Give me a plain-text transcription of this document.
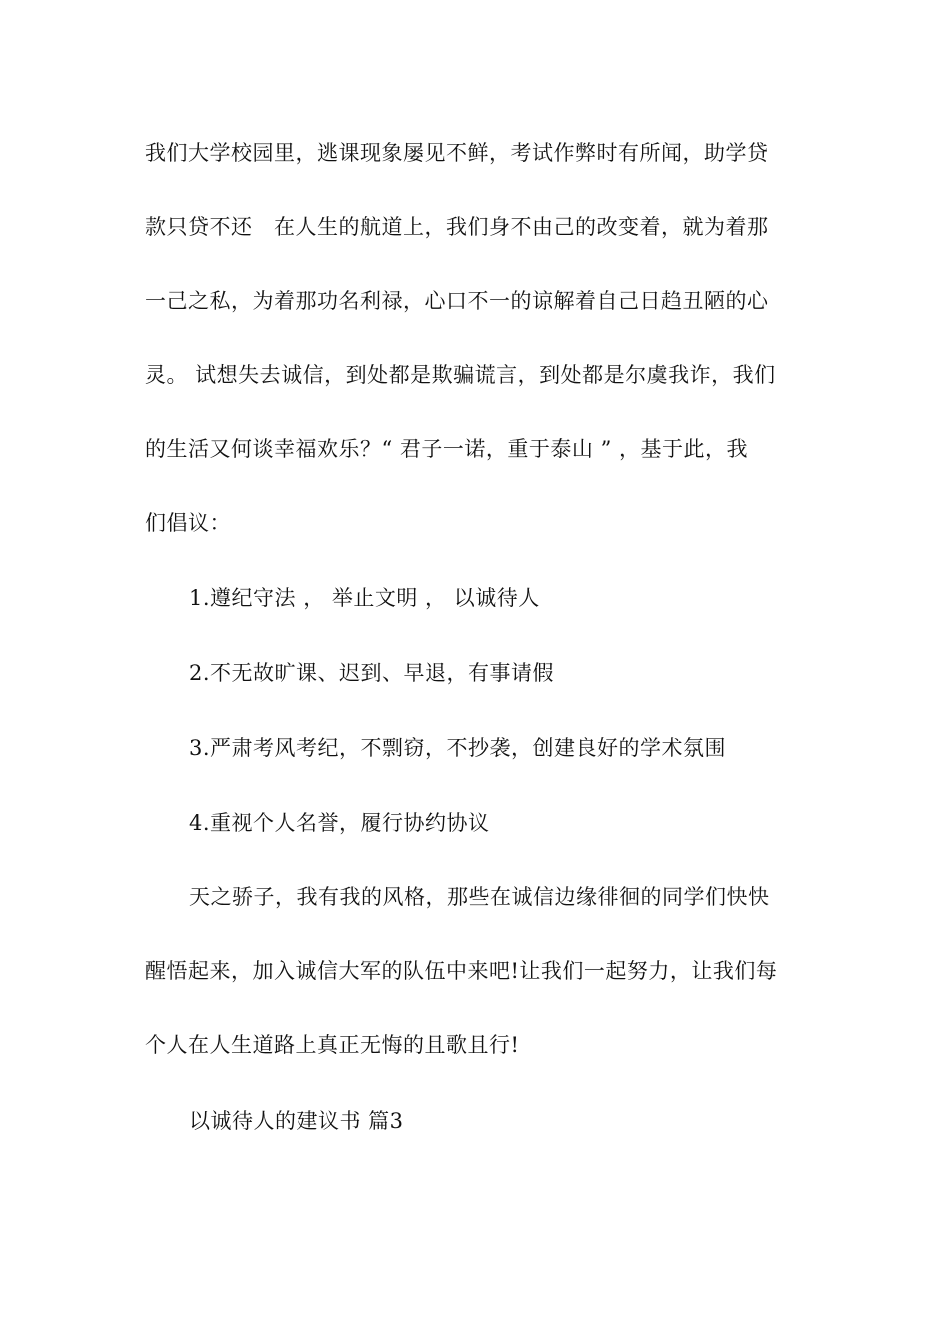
我们大学校园里，逃课现象屡见不鲜，考试作弊时有所闻，助学贷
款只贷不还　在人生的航道上，我们身不由己的改变着，就为着那
一己之私，为着那功名利禄，心口不一的谅解着自己日趋丑陋的心
灵。 试想失去诚信，到处都是欺骗谎言，到处都是尔虞我诈，我们
的生活又何谈幸福欢乐？“ 君子一诺，重于泰山 ” ，基于此，我
们倡议：
1.遵纪守法 ， 举止文明 ， 以诚待人
2.不无故旷课、迟到、早退，有事请假
3.严肃考风考纪，不剽窃，不抄袭，创建良好的学术氛围
4.重视个人名誉，履行协约协议
天之骄子，我有我的风格，那些在诚信边缘徘徊的同学们快快
醒悟起来，加入诚信大军的队伍中来吧!让我们一起努力，让我们每
个人在人生道路上真正无悔的且歌且行!
以诚待人的建议书 篇3
